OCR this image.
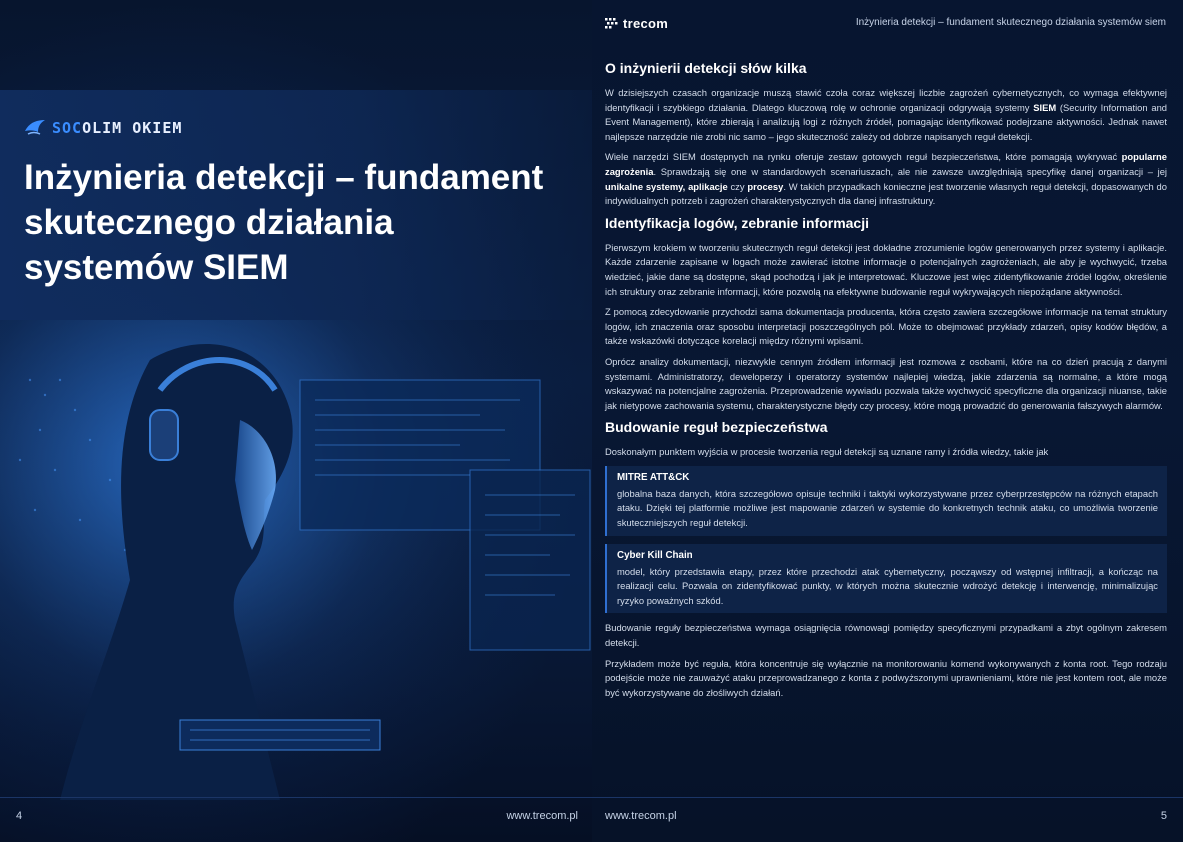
SOCOLIM OKIEM
Inżynieria detekcji – fundament skutecznego działania systemów SIEM
4	www.trecom.pl
trecom	Inżynieria detekcji – fundament skutecznego działania systemów siem
O inżynierii detekcji słów kilka

W dzisiejszych czasach organizacje muszą stawić czoła coraz większej liczbie zagrożeń cybernetycznych, co wymaga efektywnej identyfikacji i szybkiego działania. Dlatego kluczową rolę w ochronie organizacji odgrywają systemy SIEM (Security Information and Event Management), które zbierają i analizują logi z różnych źródeł, pomagając identyfikować podejrzane aktywności. Jednak nawet najlepsze narzędzie nie zrobi nic samo – jego skuteczność zależy od dobrze napisanych reguł detekcji.

Wiele narzędzi SIEM dostępnych na rynku oferuje zestaw gotowych reguł bezpieczeństwa, które pomagają wykrywać popularne zagrożenia. Sprawdzają się one w standardowych scenariuszach, ale nie zawsze uwzględniają specyfikę danej organizacji – jej unikalne systemy, aplikacje czy procesy. W takich przypadkach konieczne jest tworzenie własnych reguł detekcji, dopasowanych do indywidualnych potrzeb i zagrożeń charakterystycznych dla danej infrastruktury.

Identyfikacja logów, zebranie informacji

Pierwszym krokiem w tworzeniu skutecznych reguł detekcji jest dokładne zrozumienie logów generowanych przez systemy i aplikacje. Każde zdarzenie zapisane w logach może zawierać istotne informacje o potencjalnych zagrożeniach, ale aby je wychwycić, trzeba wiedzieć, jakie dane są dostępne, skąd pochodzą i jak je interpretować. Kluczowe jest więc zidentyfikowanie źródeł logów, określenie ich struktury oraz zebranie informacji, które pozwolą na efektywne budowanie reguł wykrywających niepożądane aktywności.

Z pomocą zdecydowanie przychodzi sama dokumentacja producenta, która często zawiera szczegółowe informacje na temat struktury logów, ich znaczenia oraz sposobu interpretacji poszczególnych pól. Może to obejmować przykłady zdarzeń, opisy kodów błędów, a także wskazówki dotyczące korelacji między różnymi wpisami.

Oprócz analizy dokumentacji, niezwykle cennym źródłem informacji jest rozmowa z osobami, które na co dzień pracują z danymi systemami. Administratorzy, deweloperzy i operatorzy systemów najlepiej wiedzą, jakie zdarzenia są normalne, a które mogą wskazywać na potencjalne zagrożenia. Przeprowadzenie wywiadu pozwala także wychwycić specyficzne dla organizacji niuanse, takie jak nietypowe zachowania systemu, charakterystyczne błędy czy procesy, które mogą prowadzić do generowania fałszywych alarmów.

Budowanie reguł bezpieczeństwa

Doskonałym punktem wyjścia w procesie tworzenia reguł detekcji są uznane ramy i źródła wiedzy, takie jak

MITRE ATT&CK

globalna baza danych, która szczegółowo opisuje techniki i taktyki wykorzystywane przez cyberprzestępców na różnych etapach ataku. Dzięki tej platformie możliwe jest mapowanie zdarzeń w systemie do konkretnych technik ataku, co umożliwia tworzenie skuteczniejszych reguł detekcji.

Cyber Kill Chain

model, który przedstawia etapy, przez które przechodzi atak cybernetyczny, począwszy od wstępnej infiltracji, a kończąc na realizacji celu. Pozwala on zidentyfikować punkty, w których można skutecznie wdrożyć detekcję i interwencję, minimalizując ryzyko poważnych szkód.

Budowanie reguły bezpieczeństwa wymaga osiągnięcia równowagi pomiędzy specyficznymi przypadkami a zbyt ogólnym zakresem detekcji.

Przykładem może być reguła, która koncentruje się wyłącznie na monitorowaniu komend wykonywanych z konta root. Tego rodzaju podejście może nie zauważyć ataku przeprowadzanego z konta z podwyższonymi uprawnieniami, które nie jest kontem root, ale może być wykorzystywane do złośliwych działań.

www.trecom.pl	5
